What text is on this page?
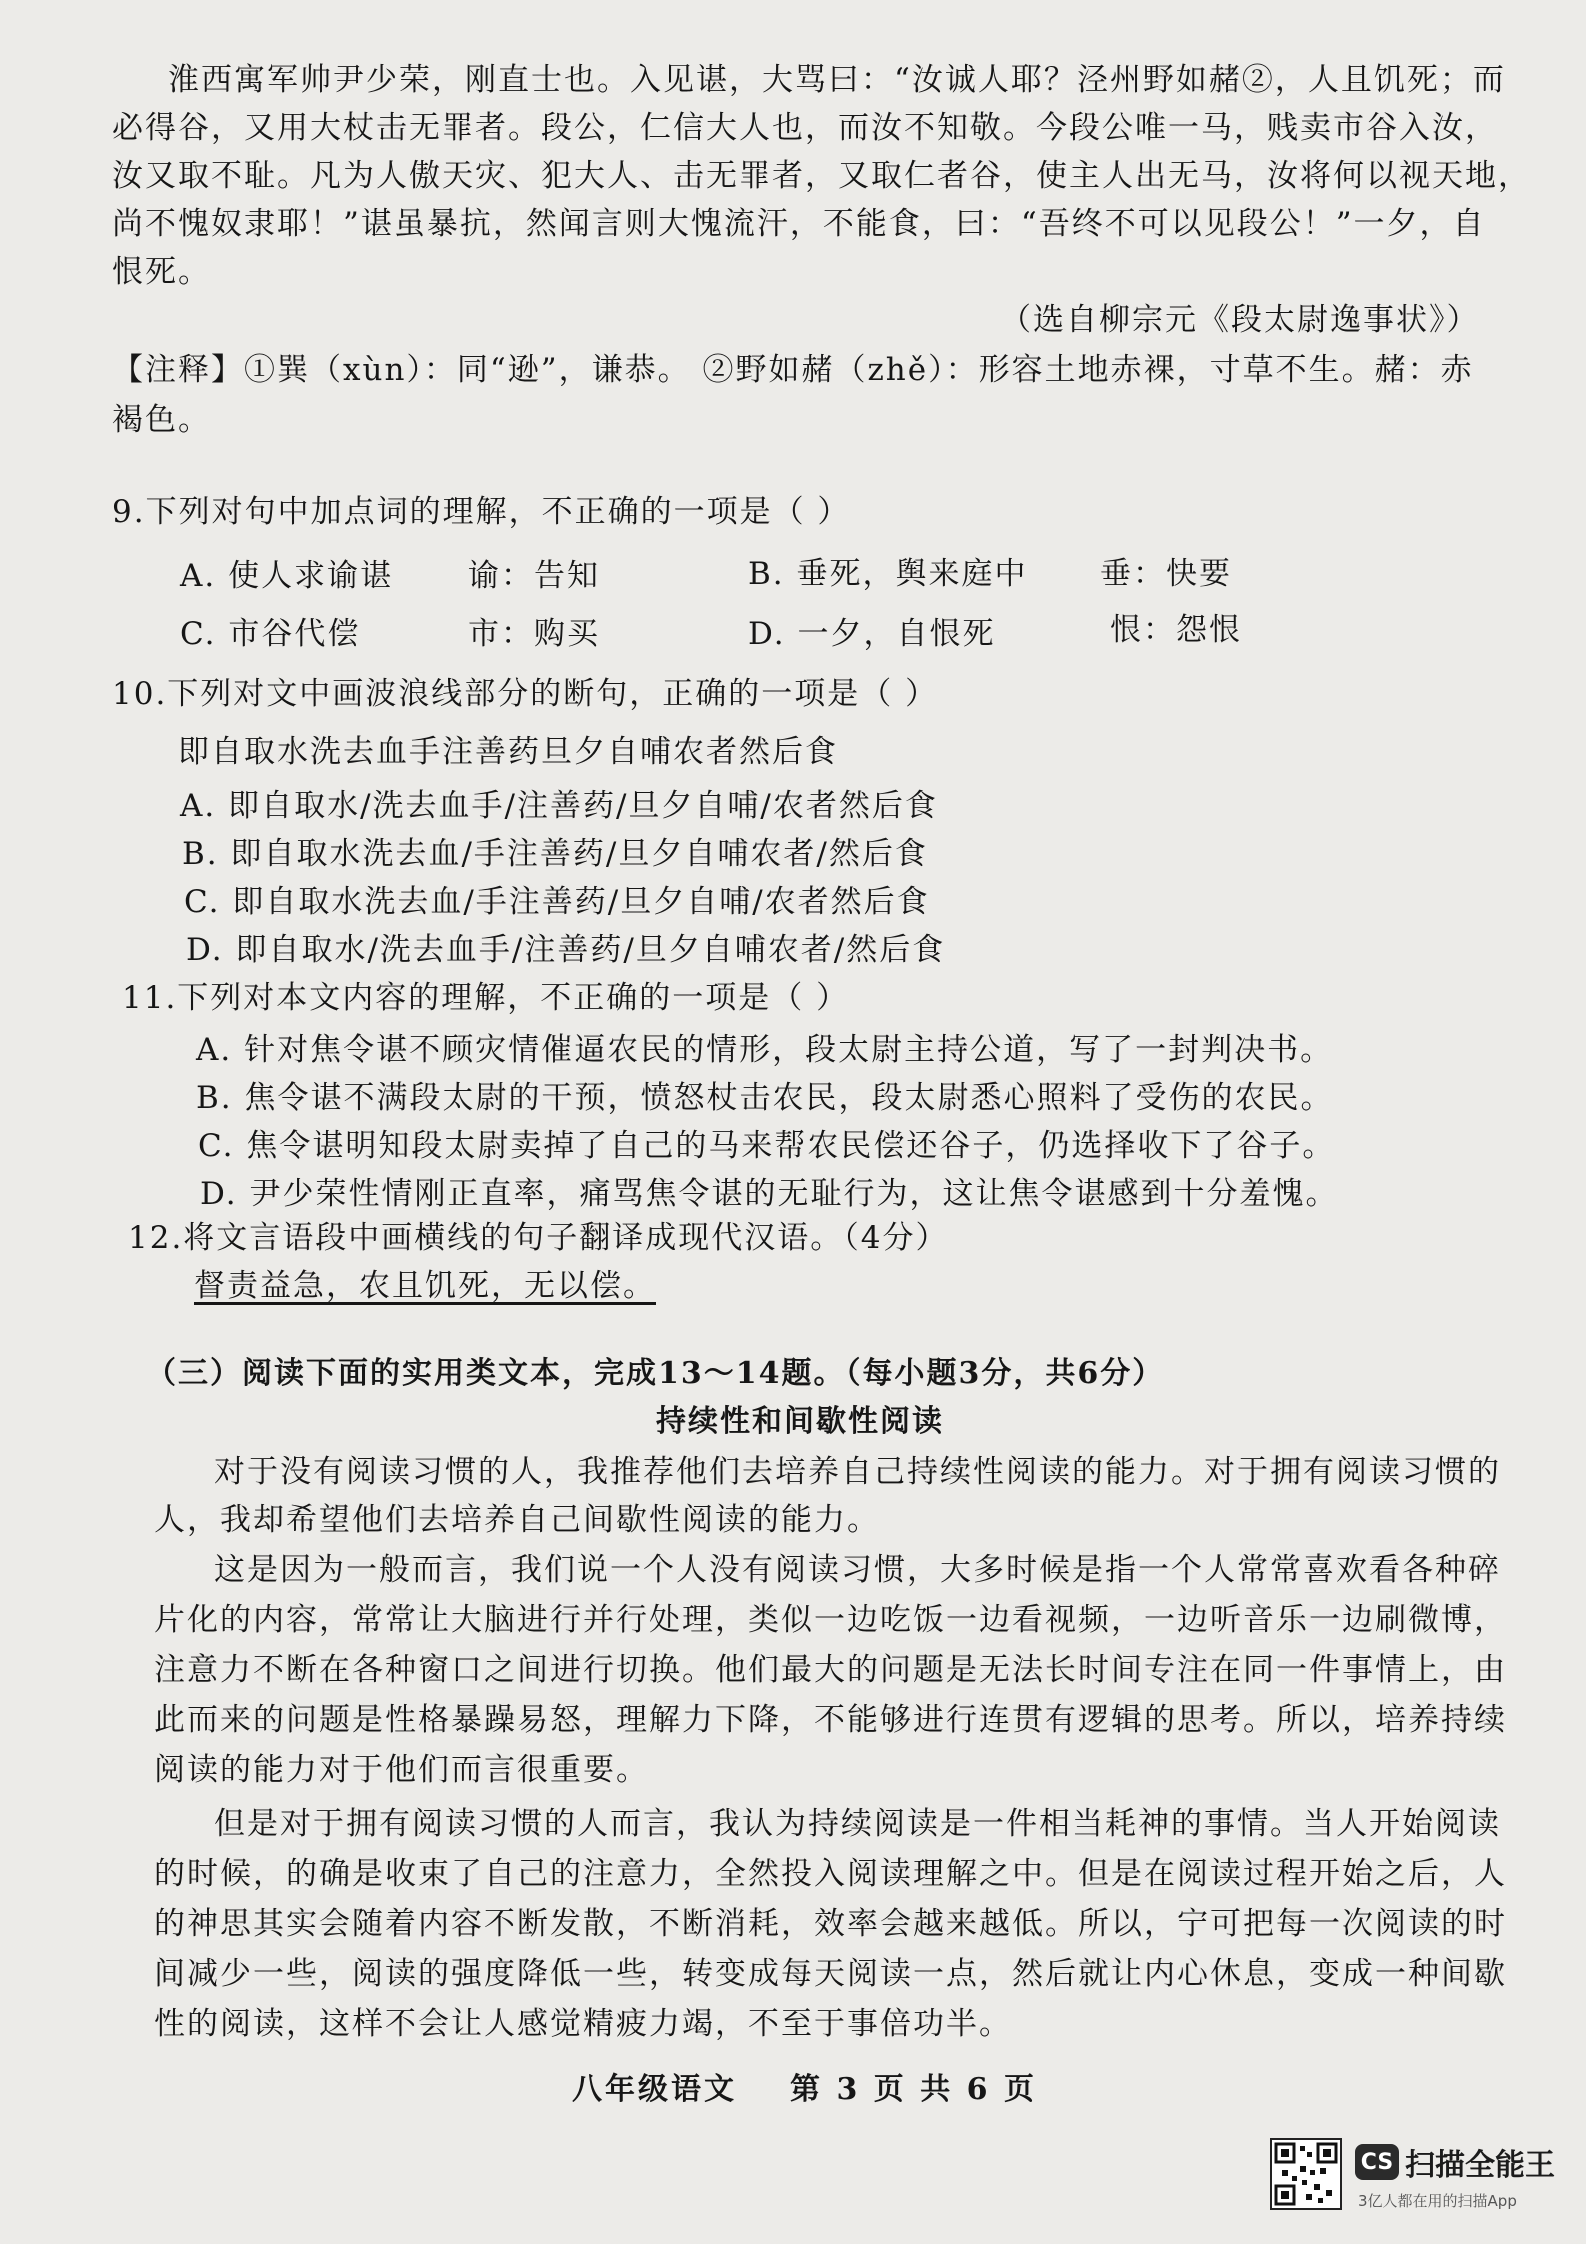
淮西寓军帅尹少荣，刚直士也。入见谌，大骂曰：“汝诚人耶？泾州野如赭②，人且饥死；而
必得谷，又用大杖击无罪者。段公，仁信大人也，而汝不知敬。今段公唯一马，贱卖市谷入汝，
汝又取不耻。凡为人傲天灾、犯大人、击无罪者，又取仁者谷，使主人出无马，汝将何以视天地，
尚不愧奴隶耶！”谌虽暴抗，然闻言则大愧流汗，不能食，曰：“吾终不可以见段公！”一夕，自
恨死。
（选自柳宗元《段太尉逸事状》）
【注释】①巽（xùn）：同“逊”，谦恭。 ②野如赭（zhě）：形容土地赤裸，寸草不生。赭：赤
褐色。
9.下列对句中加点词的理解，不正确的一项是（ ）
A. 使人求谕谌 谕：告知	B. 垂死，舆来庭中 垂：快要
C. 市谷代偿	市：购买	D. 一夕，自恨死	恨：怨恨
10.下列对文中画波浪线部分的断句，正确的一项是（ ）
即自取水洗去血手注善药旦夕自哺农者然后食
A. 即自取水/洗去血手/注善药/旦夕自哺/农者然后食
B. 即自取水洗去血/手注善药/旦夕自哺农者/然后食
C. 即自取水洗去血/手注善药/旦夕自哺/农者然后食
D. 即自取水/洗去血手/注善药/旦夕自哺农者/然后食
11.下列对本文内容的理解，不正确的一项是（ ）
A. 针对焦令谌不顾灾情催逼农民的情形，段太尉主持公道，写了一封判决书。
B. 焦令谌不满段太尉的干预，愤怒杖击农民，段太尉悉心照料了受伤的农民。
C. 焦令谌明知段太尉卖掉了自己的马来帮农民偿还谷子，仍选择收下了谷子。
D. 尹少荣性情刚正直率，痛骂焦令谌的无耻行为，这让焦令谌感到十分羞愧。
12.将文言语段中画横线的句子翻译成现代汉语。（4分）
督责益急，农且饥死，无以偿。
（三）阅读下面的实用类文本，完成13～14题。（每小题3分，共6分）
持续性和间歇性阅读
对于没有阅读习惯的人，我推荐他们去培养自己持续性阅读的能力。对于拥有阅读习惯的
人，我却希望他们去培养自己间歇性阅读的能力。
这是因为一般而言，我们说一个人没有阅读习惯，大多时候是指一个人常常喜欢看各种碎
片化的内容，常常让大脑进行并行处理，类似一边吃饭一边看视频，一边听音乐一边刷微博，
注意力不断在各种窗口之间进行切换。他们最大的问题是无法长时间专注在同一件事情上，由
此而来的问题是性格暴躁易怒，理解力下降，不能够进行连贯有逻辑的思考。所以，培养持续
阅读的能力对于他们而言很重要。
但是对于拥有阅读习惯的人而言，我认为持续阅读是一件相当耗神的事情。当人开始阅读
的时候，的确是收束了自己的注意力，全然投入阅读理解之中。但是在阅读过程开始之后，人
的神思其实会随着内容不断发散，不断消耗，效率会越来越低。所以，宁可把每一次阅读的时
间减少一些，阅读的强度降低一些，转变成每天阅读一点，然后就让内心休息，变成一种间歇
性的阅读，这样不会让人感觉精疲力竭，不至于事倍功半。
八年级语文 第 3 页 共 6 页
CS 扫描全能王
3亿人都在用的扫描App
